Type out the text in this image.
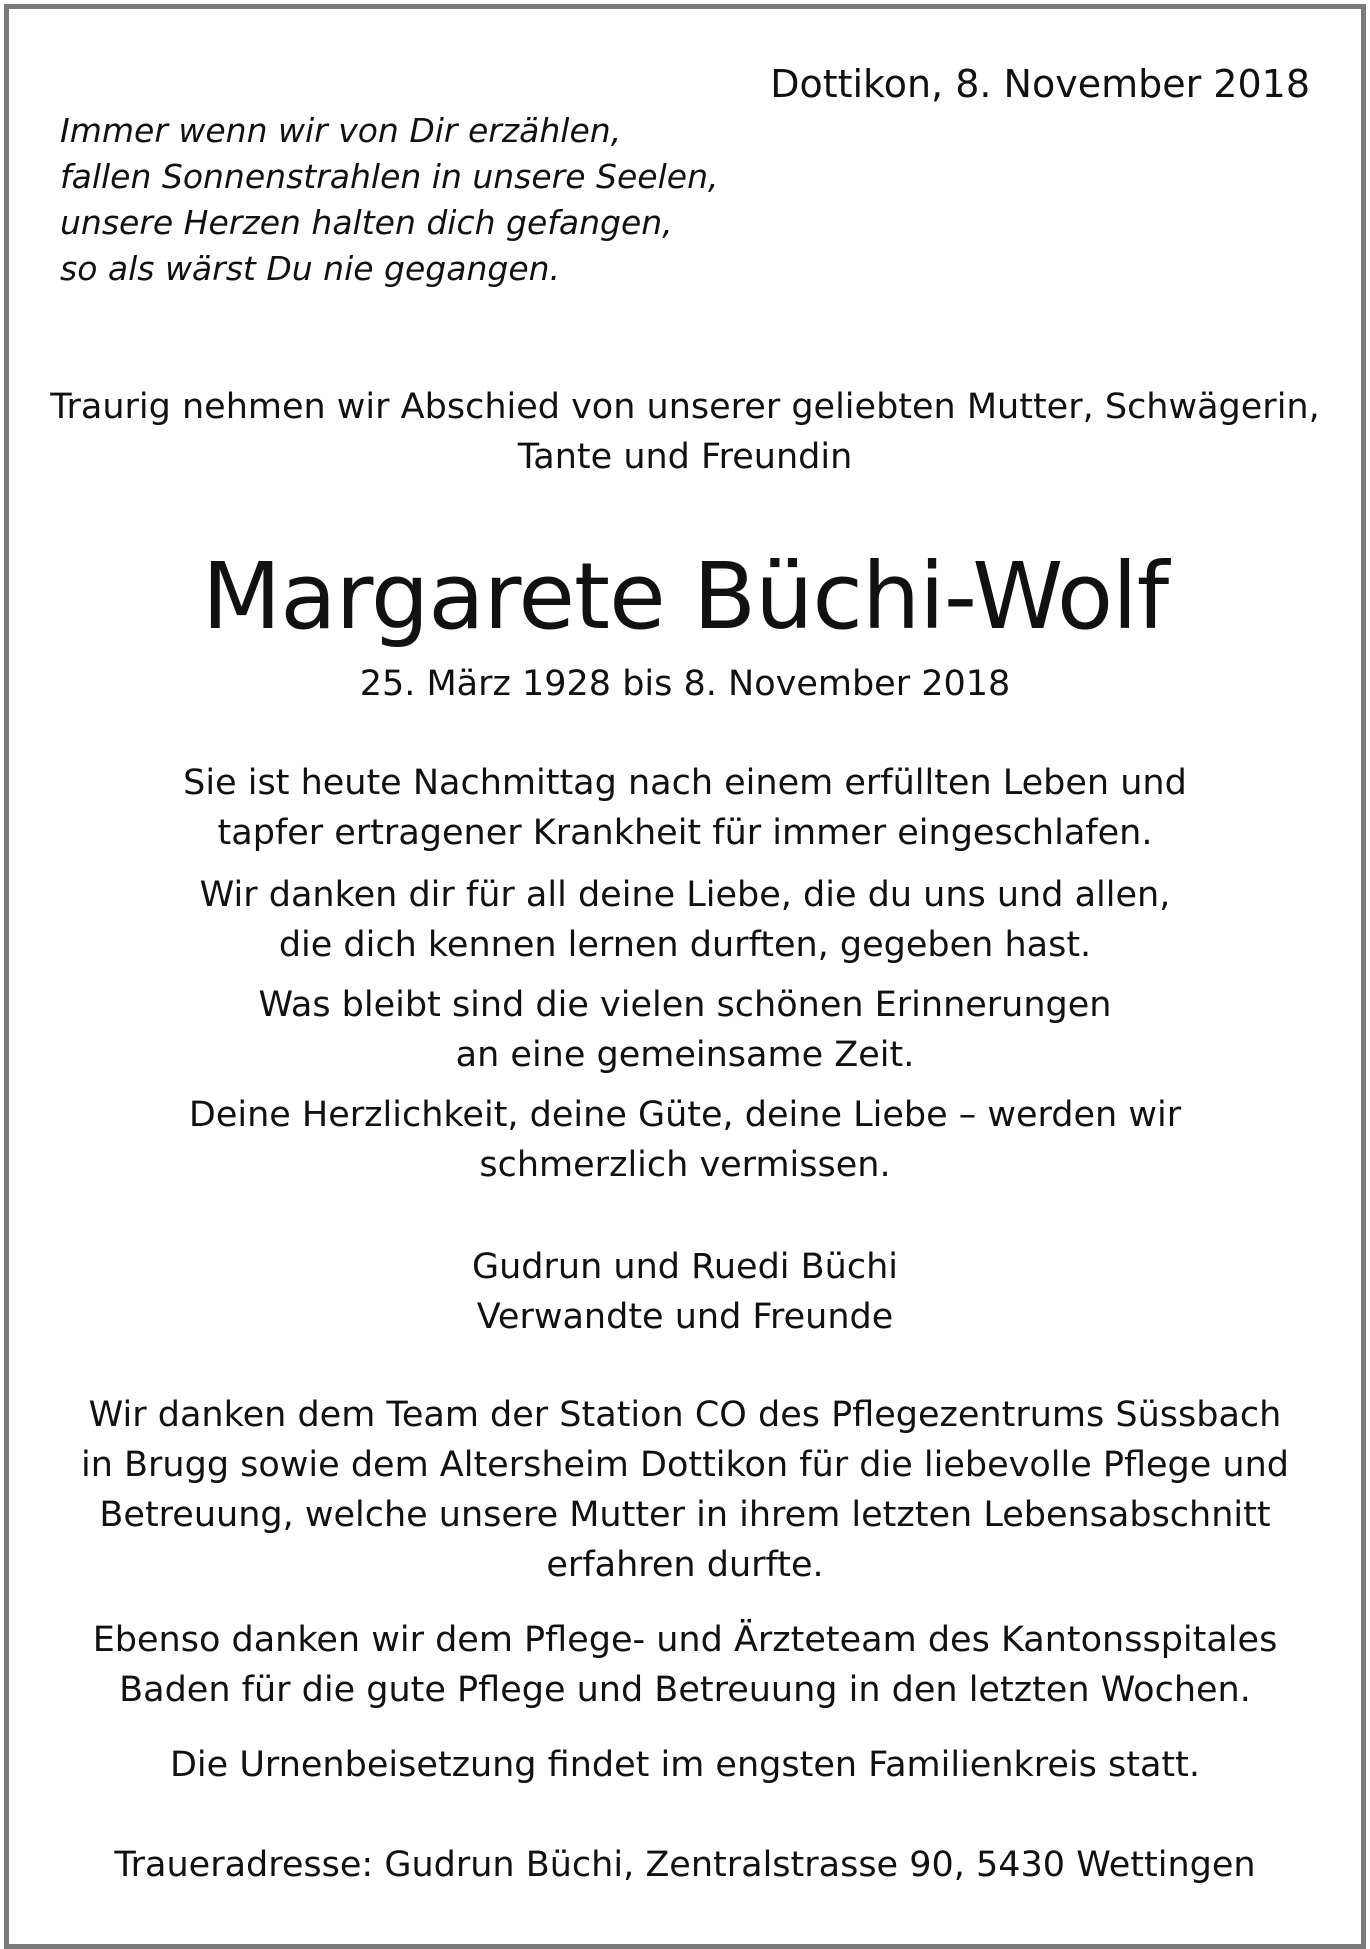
Dottikon, 8. November 2018
Immer wenn wir von Dir erzählen,
fallen Sonnenstrahlen in unsere Seelen,
unsere Herzen halten dich gefangen,
so als wärst Du nie gegangen.
Traurig nehmen wir Abschied von unserer geliebten Mutter, Schwägerin,
Tante und Freundin
Margarete Büchi-Wolf
25. März 1928 bis 8. November 2018
Sie ist heute Nachmittag nach einem erfüllten Leben und
tapfer ertragener Krankheit für immer eingeschlafen.
Wir danken dir für all deine Liebe, die du uns und allen,
die dich kennen lernen durften, gegeben hast.
Was bleibt sind die vielen schönen Erinnerungen
an eine gemeinsame Zeit.
Deine Herzlichkeit, deine Güte, deine Liebe – werden wir
schmerzlich vermissen.
Gudrun und Ruedi Büchi
Verwandte und Freunde
Wir danken dem Team der Station CO des Pflegezentrums Süssbach
in Brugg sowie dem Altersheim Dottikon für die liebevolle Pflege und
Betreuung, welche unsere Mutter in ihrem letzten Lebensabschnitt
erfahren durfte.
Ebenso danken wir dem Pflege- und Ärzteteam des Kantonsspitales
Baden für die gute Pflege und Betreuung in den letzten Wochen.
Die Urnenbeisetzung findet im engsten Familienkreis statt.
Traueradresse: Gudrun Büchi, Zentralstrasse 90, 5430 Wettingen
